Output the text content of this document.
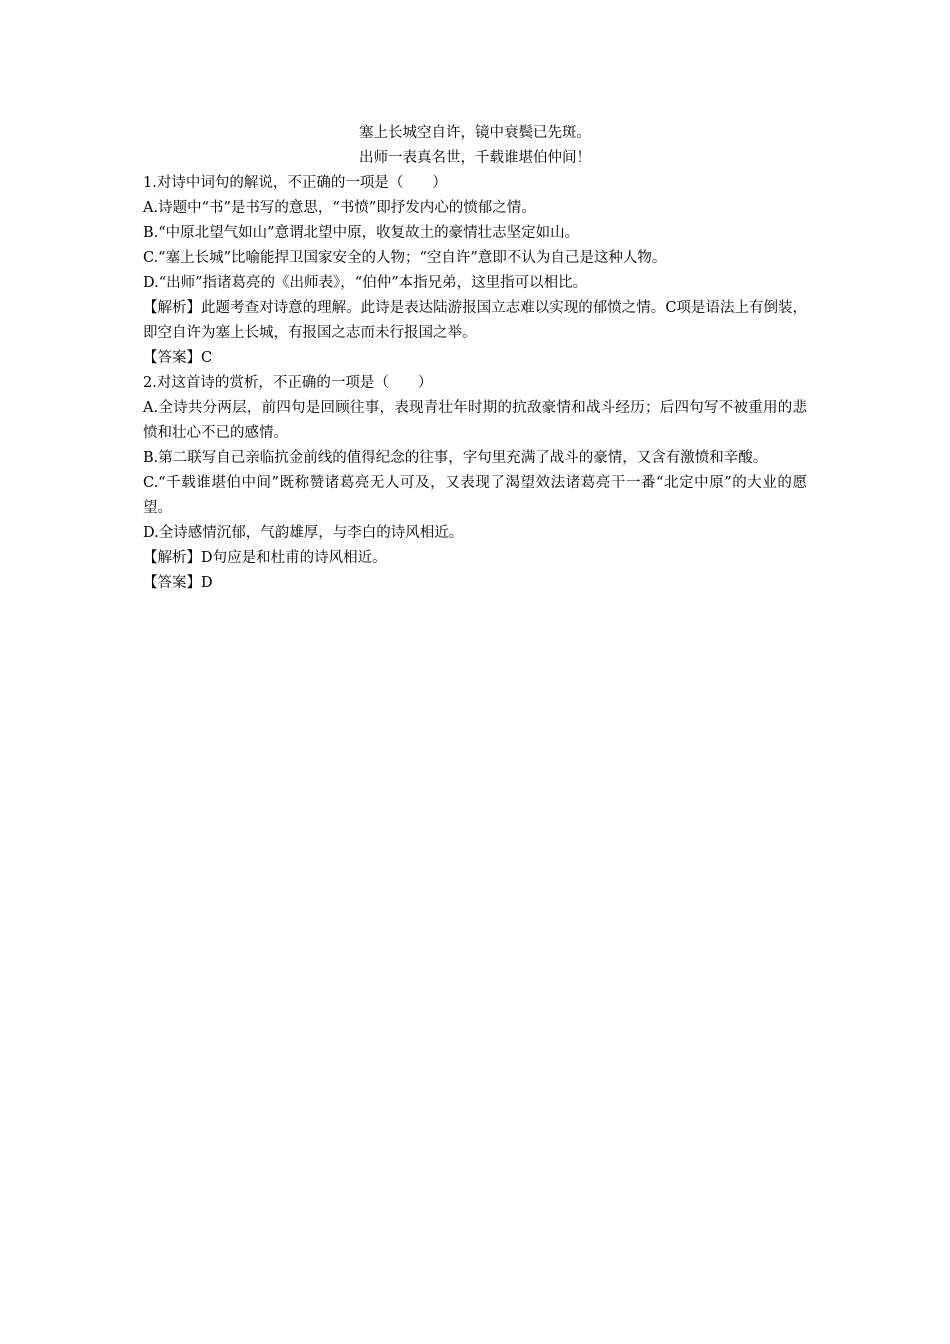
塞上长城空自许，镜中衰鬓已先斑。
出师一表真名世，千载谁堪伯仲间！
1.对诗中词句的解说，不正确的一项是（　　）
A.诗题中“书”是书写的意思，“书愤”即抒发内心的愤郁之情。
B.“中原北望气如山”意谓北望中原，收复故土的豪情壮志坚定如山。
C.“塞上长城”比喻能捍卫国家安全的人物；“空自许”意即不认为自己是这种人物。
D.“出师”指诸葛亮的《出师表》，“伯仲”本指兄弟，这里指可以相比。
【解析】此题考查对诗意的理解。此诗是表达陆游报国立志难以实现的郁愤之情。C项是语法上有倒装，即空自许为塞上长城，有报国之志而未行报国之举。
【答案】C
2.对这首诗的赏析，不正确的一项是（　　）
A.全诗共分两层，前四句是回顾往事，表现青壮年时期的抗敌豪情和战斗经历；后四句写不被重用的悲愤和壮心不已的感情。
B.第二联写自己亲临抗金前线的值得纪念的往事，字句里充满了战斗的豪情，又含有激愤和辛酸。
C.“千载谁堪伯中间”既称赞诸葛亮无人可及，又表现了渴望效法诸葛亮干一番“北定中原”的大业的愿望。
D.全诗感情沉郁，气韵雄厚，与李白的诗风相近。
【解析】D句应是和杜甫的诗风相近。
【答案】D
